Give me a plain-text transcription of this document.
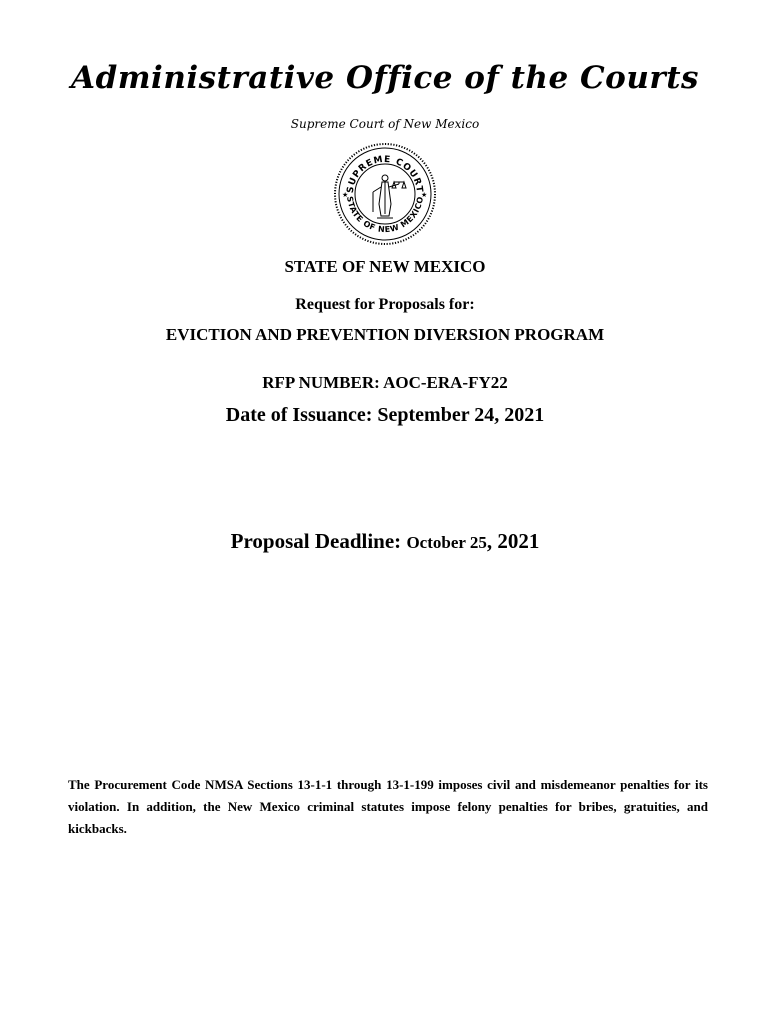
Administrative Office of the Courts
Supreme Court of New Mexico
SUPREME COURT
STATE OF NEW MEXICO
★	★
STATE OF NEW MEXICO
Request for Proposals for:
EVICTION AND PREVENTION DIVERSION PROGRAM
RFP NUMBER: AOC-ERA-FY22
Date of Issuance: September 24, 2021
Proposal Deadline: October 25, 2021
The Procurement Code NMSA Sections 13-1-1 through 13-1-199 imposes civil and misdemeanor penalties for its violation. In addition, the New Mexico criminal statutes impose felony penalties for bribes, gratuities, and kickbacks.
